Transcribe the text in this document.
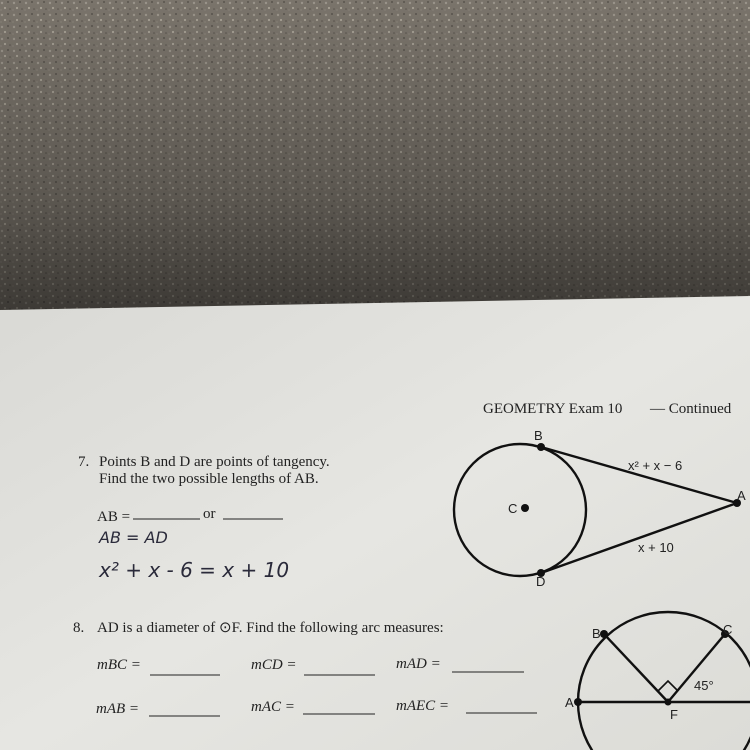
GEOMETRY Exam 10 — Continued
7. Points B and D are points of tangency.
Find the two possible lengths of AB.
AB =	or
AB = AD
x² + x - 6 = x + 10
B
D
A
C
x² + x − 6
x + 10
8. AD is a diameter of ⊙F. Find the following arc measures:
mBC =	mCD =	mAD =
mAB =	mAC =	mAEC =
B	C
A
F
45°
